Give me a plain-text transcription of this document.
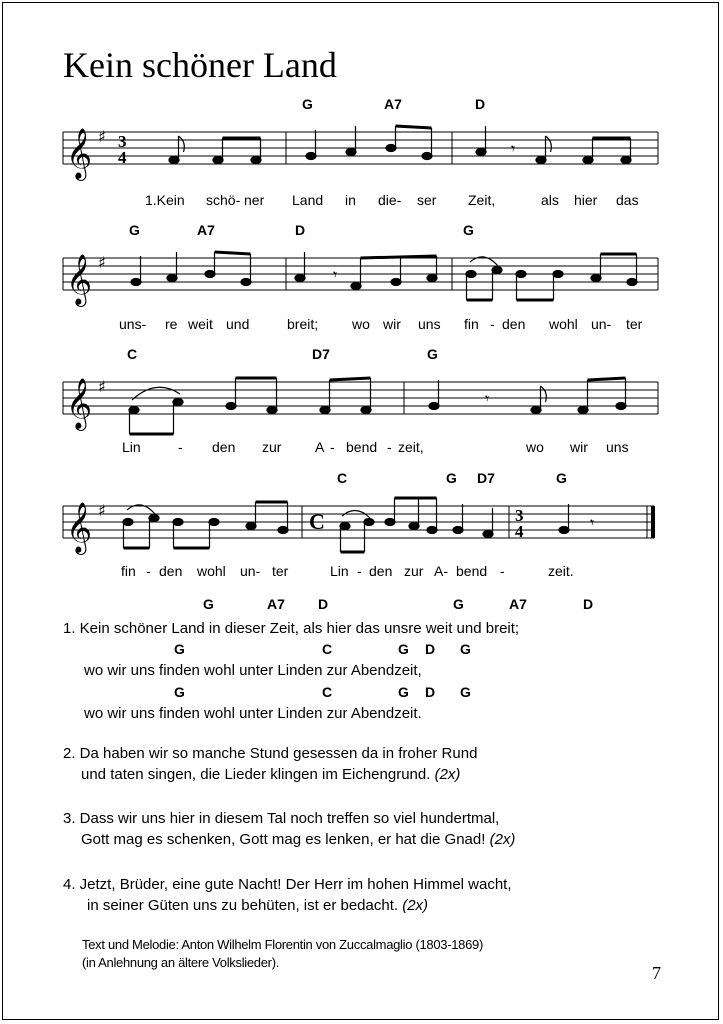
Kein schöner Land
G	A7	D
𝄞 ♯ 3
4	𝄾
1.Kein schö- ner Land in die- ser Zeit,	als hier das
G	A7	D	G
𝄞 ♯
𝄾
uns- re weit und	breit; wo wir uns fin - den wohl un- ter
C	D7	G
𝄞 ♯
𝄾
Lin	- den zur A - bend - zeit,	wo wir uns
C	G D7	G
𝄞 ♯	C	3
4	𝄾
fin - den wohl un- ter	Lin - den zur A- bend -	zeit.
G	A7 D	G	A7	D
1. Kein schöner Land in dieser Zeit, als hier das unsre weit und breit;
G	C	G D G
wo wir uns finden wohl unter Linden zur Abendzeit,
G	C	G D G
wo wir uns finden wohl unter Linden zur Abendzeit.
2. Da haben wir so manche Stund gesessen da in froher Rund
und taten singen, die Lieder klingen im Eichengrund. (2x)
3. Dass wir uns hier in diesem Tal noch treffen so viel hundertmal,
Gott mag es schenken, Gott mag es lenken, er hat die Gnad! (2x)
4. Jetzt, Brüder, eine gute Nacht! Der Herr im hohen Himmel wacht,
in seiner Güten uns zu behüten, ist er bedacht. (2x)
Text und Melodie: Anton Wilhelm Florentin von Zuccalmaglio (1803-1869)
(in Anlehnung an ältere Volkslieder).
7
